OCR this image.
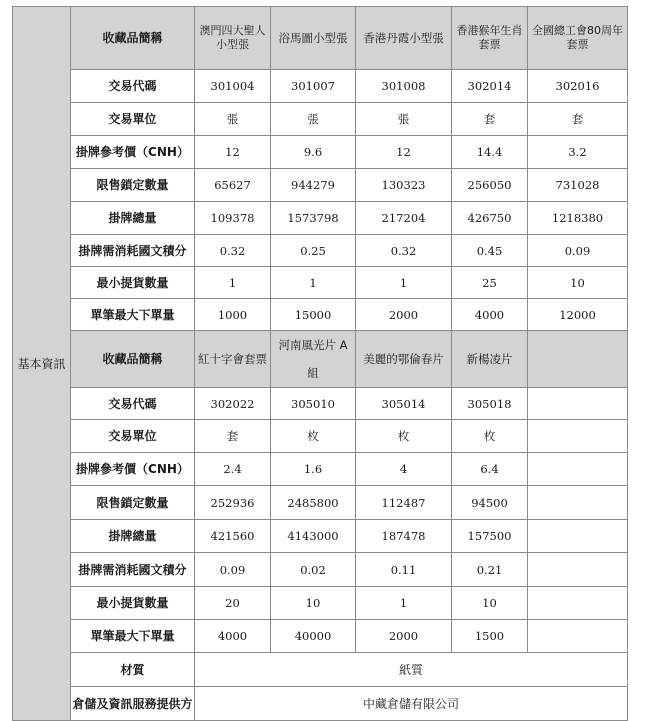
基本資訊	收藏品簡稱	澳門四大聖人小型張	浴馬圖小型張	香港丹霞小型張	香港猴年生肖套票	全國總工會80周年套票
	交易代碼	301004	301007	301008	302014	302016
	交易單位	張	張	張	套	套
	掛牌參考價（CNH）	12	9.6	12	14.4	3.2
	限售鎖定數量	65627	944279	130323	256050	731028
	掛牌總量	109378	1573798	217204	426750	1218380
	掛牌需消耗國文積分	0.32	0.25	0.32	0.45	0.09
	最小提貨數量	1	1	1	25	10
	單筆最大下單量	1000	15000	2000	4000	12000
	收藏品簡稱	紅十字會套票	河南風光片 A 組	美麗的鄂倫春片	新楊凌片	
	交易代碼	302022	305010	305014	305018	
	交易單位	套	枚	枚	枚	
	掛牌參考價（CNH）	2.4	1.6	4	6.4	
	限售鎖定數量	252936	2485800	112487	94500	
	掛牌總量	421560	4143000	187478	157500	
	掛牌需消耗國文積分	0.09	0.02	0.11	0.21	
	最小提貨數量	20	10	1	10	
	單筆最大下單量	4000	40000	2000	1500	
	材質	紙質				
	倉儲及資訊服務提供方	中藏倉儲有限公司				
